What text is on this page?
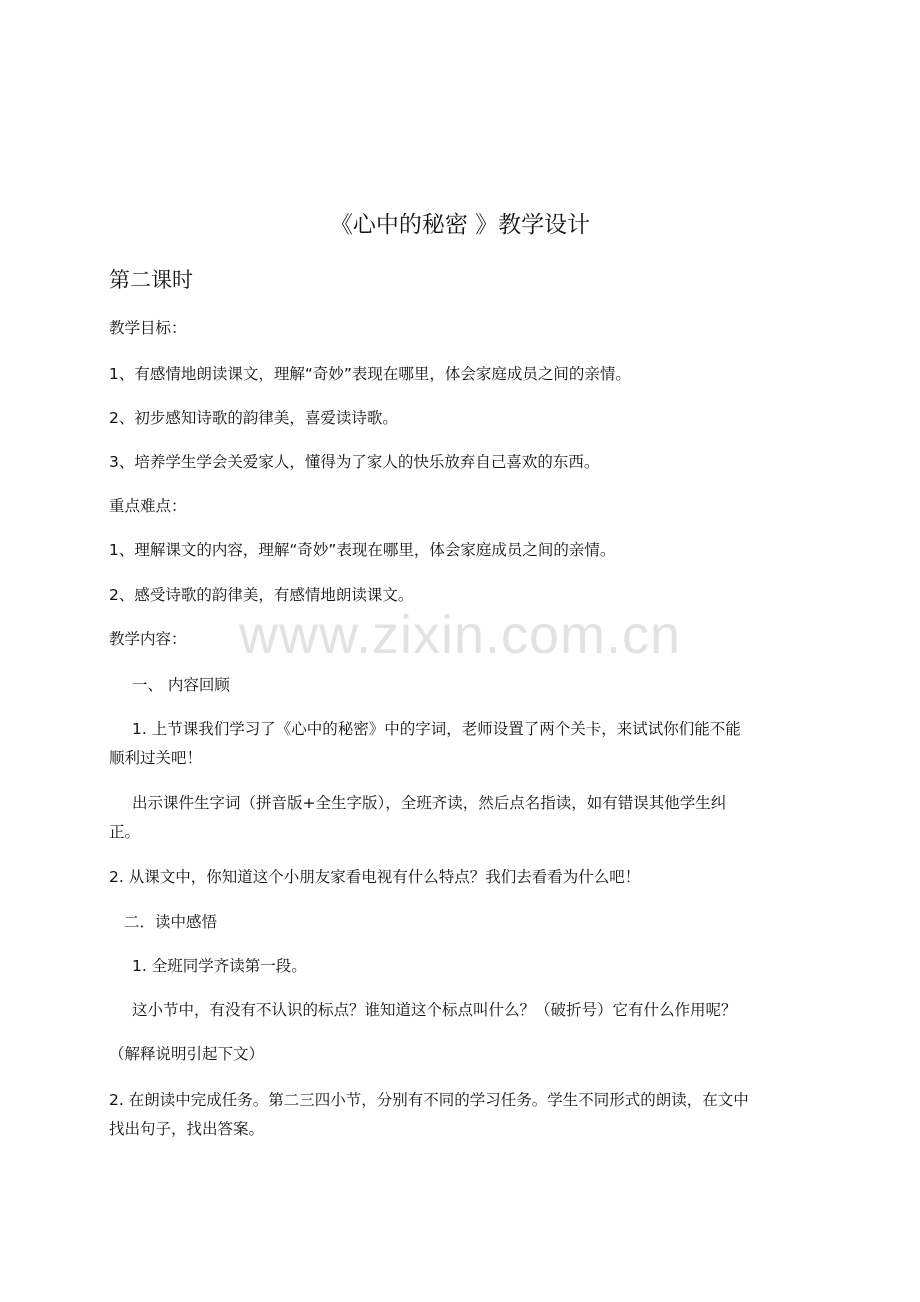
《心中的秘密 》教学设计
第二课时
教学目标：
1、有感情地朗读课文，理解“奇妙”表现在哪里，体会家庭成员之间的亲情。
2、初步感知诗歌的韵律美，喜爱读诗歌。
3、培养学生学会关爱家人，懂得为了家人的快乐放弃自己喜欢的东西。
重点难点：
1、理解课文的内容，理解“奇妙”表现在哪里，体会家庭成员之间的亲情。
2、感受诗歌的韵律美，有感情地朗读课文。
教学内容：
一、 内容回顾
1. 上节课我们学习了《心中的秘密》中的字词，老师设置了两个关卡，来试试你们能不能
顺利过关吧！
出示课件生字词（拼音版+全生字版），全班齐读，然后点名指读，如有错误其他学生纠
正。
2. 从课文中，你知道这个小朋友家看电视有什么特点？我们去看看为什么吧！
二．读中感悟
1. 全班同学齐读第一段。
这小节中，有没有不认识的标点？谁知道这个标点叫什么？（破折号）它有什么作用呢？
（解释说明引起下文）
2. 在朗读中完成任务。第二三四小节，分别有不同的学习任务。学生不同形式的朗读，在文中
找出句子，找出答案。
www.zixin.com.cn
